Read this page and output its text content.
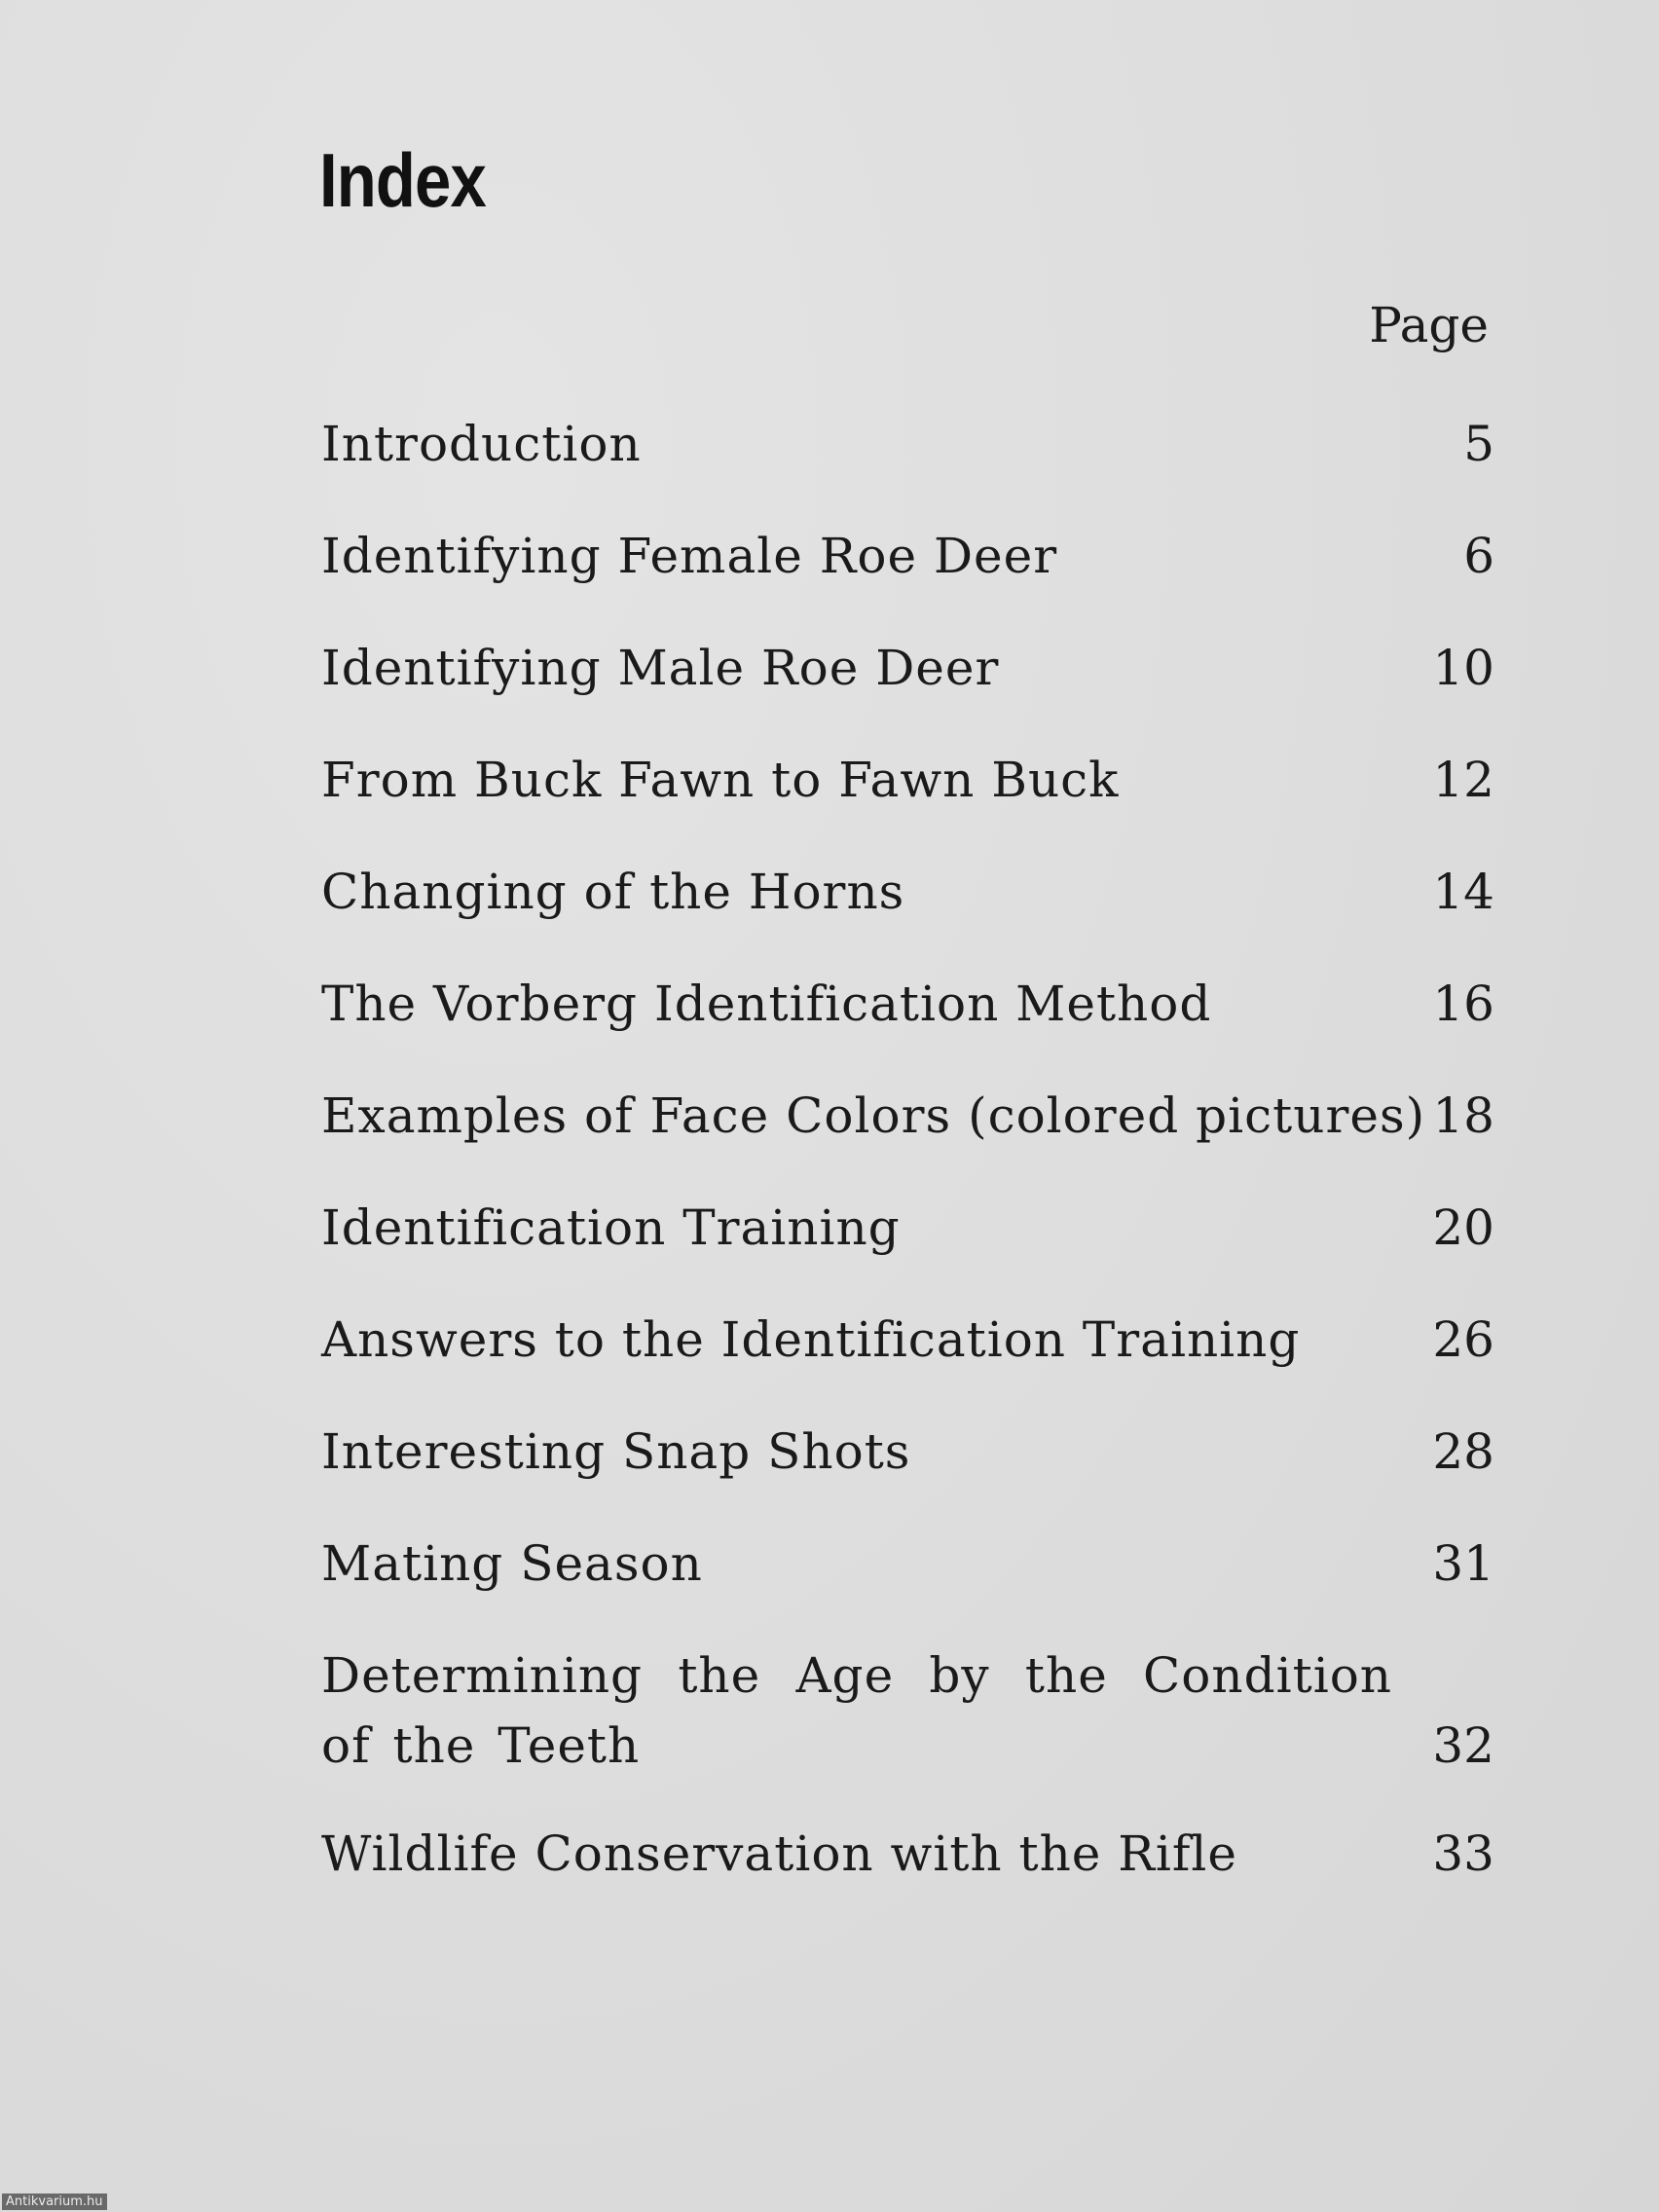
Index
Page
Introduction	5
Identifying Female Roe Deer	6
Identifying Male Roe Deer	10
From Buck Fawn to Fawn Buck	12
Changing of the Horns	14
The Vorberg Identification Method	16
Examples of Face Colors (colored pictures) 18
Identification Training	20
Answers to the Identification Training	26
Interesting Snap Shots	28
Mating Season	31
Determining the Age by the Condition of the Teeth	32
Wildlife Conservation with the Rifle	33
Antikvarium.hu
